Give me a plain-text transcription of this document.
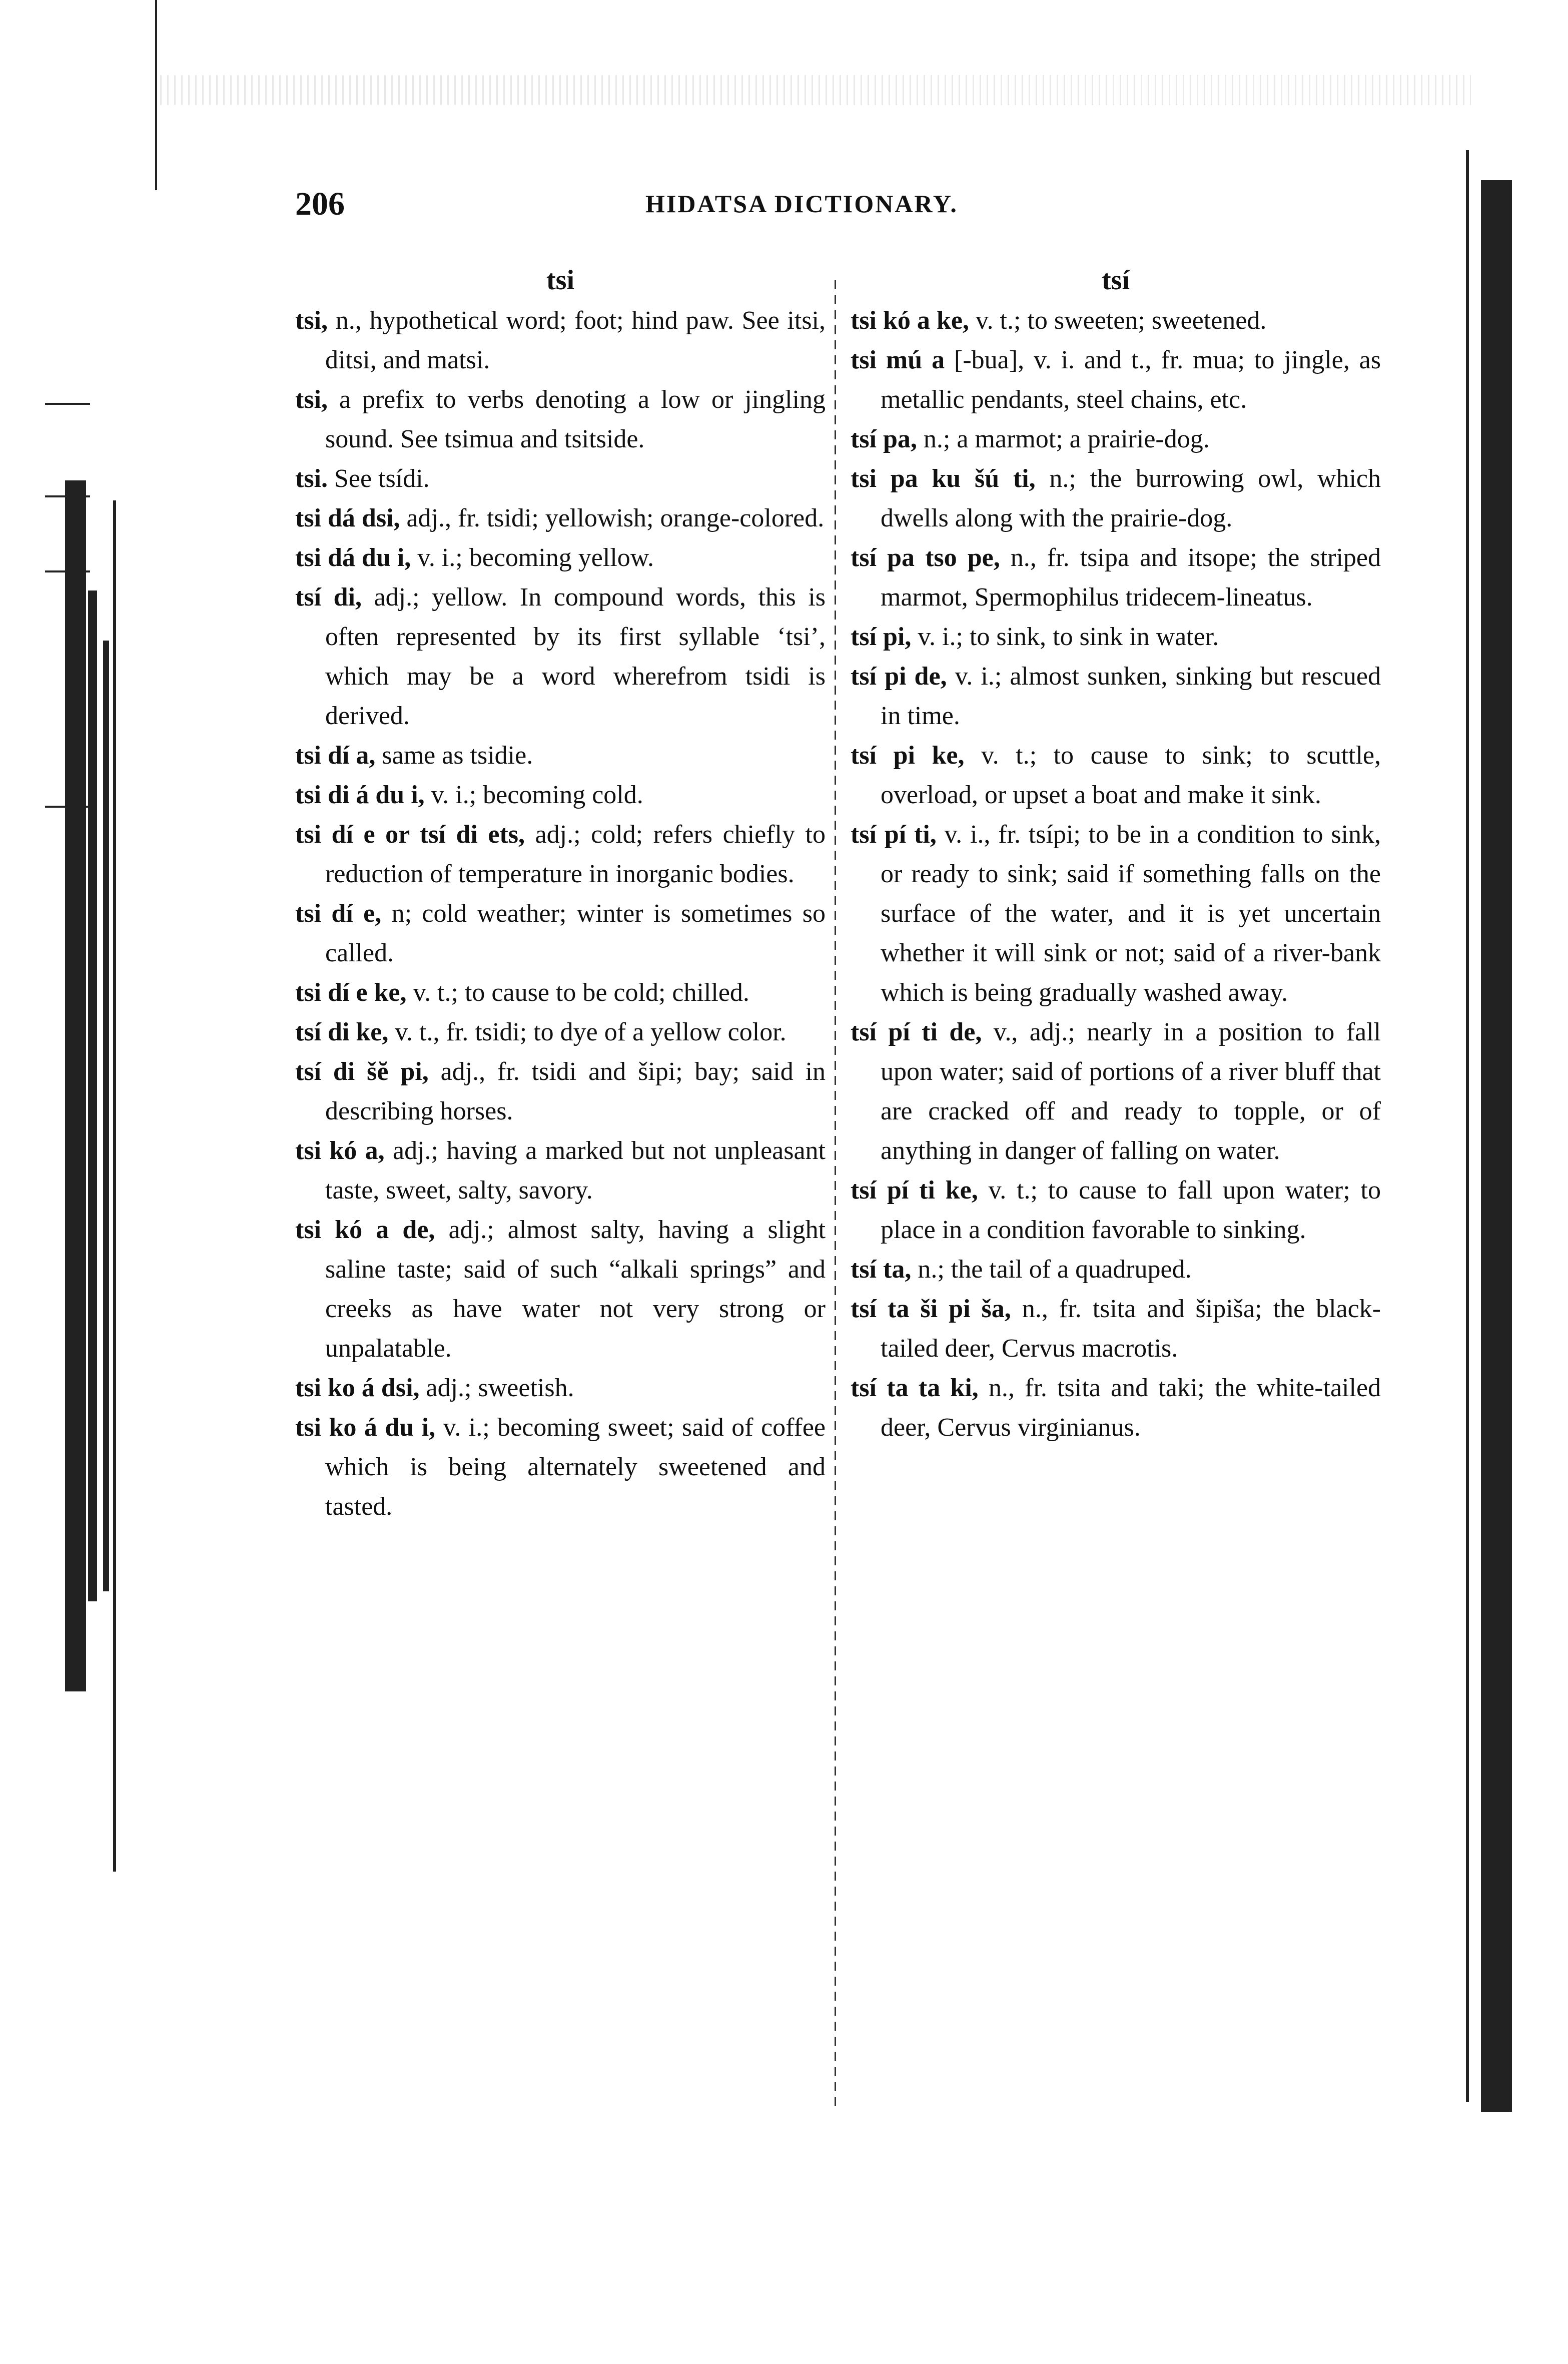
206	HIDATSA DICTIONARY.
tsi

tsi, n., hypothetical word; foot; hind paw. See itsi, ditsi, and matsi.

tsi, a prefix to verbs denoting a low or jingling sound. See tsimua and tsitside.

tsi. See tsídi.

tsi dá dsi, adj., fr. tsidi; yellowish; orange-colored.

tsi dá du i, v. i.; becoming yellow.

tsí di, adj.; yellow. In compound words, this is often represented by its first syllable ‘tsi’, which may be a word wherefrom tsidi is derived.

tsi dí a, same as tsidie.

tsi di á du i, v. i.; becoming cold.

tsi dí e or tsí di ets, adj.; cold; refers chiefly to reduction of temperature in inorganic bodies.

tsi dí e, n; cold weather; winter is sometimes so called.

tsi dí e ke, v. t.; to cause to be cold; chilled.

tsí di ke, v. t., fr. tsidi; to dye of a yellow color.

tsí di šĕ pi, adj., fr. tsidi and šipi; bay; said in describing horses.

tsi kó a, adj.; having a marked but not unpleasant taste, sweet, salty, savory.

tsi kó a de, adj.; almost salty, having a slight saline taste; said of such “alkali springs” and creeks as have water not very strong or unpalatable.

tsi ko á dsi, adj.; sweetish.

tsi ko á du i, v. i.; becoming sweet; said of coffee which is being alternately sweetened and tasted.

tsí

tsi kó a ke, v. t.; to sweeten; sweetened.

tsi mú a [-bua], v. i. and t., fr. mua; to jingle, as metallic pendants, steel chains, etc.

tsí pa, n.; a marmot; a prairie-dog.

tsi pa ku šú ti, n.; the burrowing owl, which dwells along with the prairie-dog.

tsí pa tso pe, n., fr. tsipa and itsope; the striped marmot, Spermophilus tridecem-lineatus.

tsí pi, v. i.; to sink, to sink in water.

tsí pi de, v. i.; almost sunken, sinking but rescued in time.

tsí pi ke, v. t.; to cause to sink; to scuttle, overload, or upset a boat and make it sink.

tsí pí ti, v. i., fr. tsípi; to be in a condition to sink, or ready to sink; said if something falls on the surface of the water, and it is yet uncertain whether it will sink or not; said of a river-bank which is being gradually washed away.

tsí pí ti de, v., adj.; nearly in a position to fall upon water; said of portions of a river bluff that are cracked off and ready to topple, or of anything in danger of falling on water.

tsí pí ti ke, v. t.; to cause to fall upon water; to place in a condition favorable to sinking.

tsí ta, n.; the tail of a quadruped.

tsí ta ši pi ša, n., fr. tsita and šipiša; the black-tailed deer, Cervus macrotis.

tsí ta ta ki, n., fr. tsita and taki; the white-tailed deer, Cervus virginianus.
